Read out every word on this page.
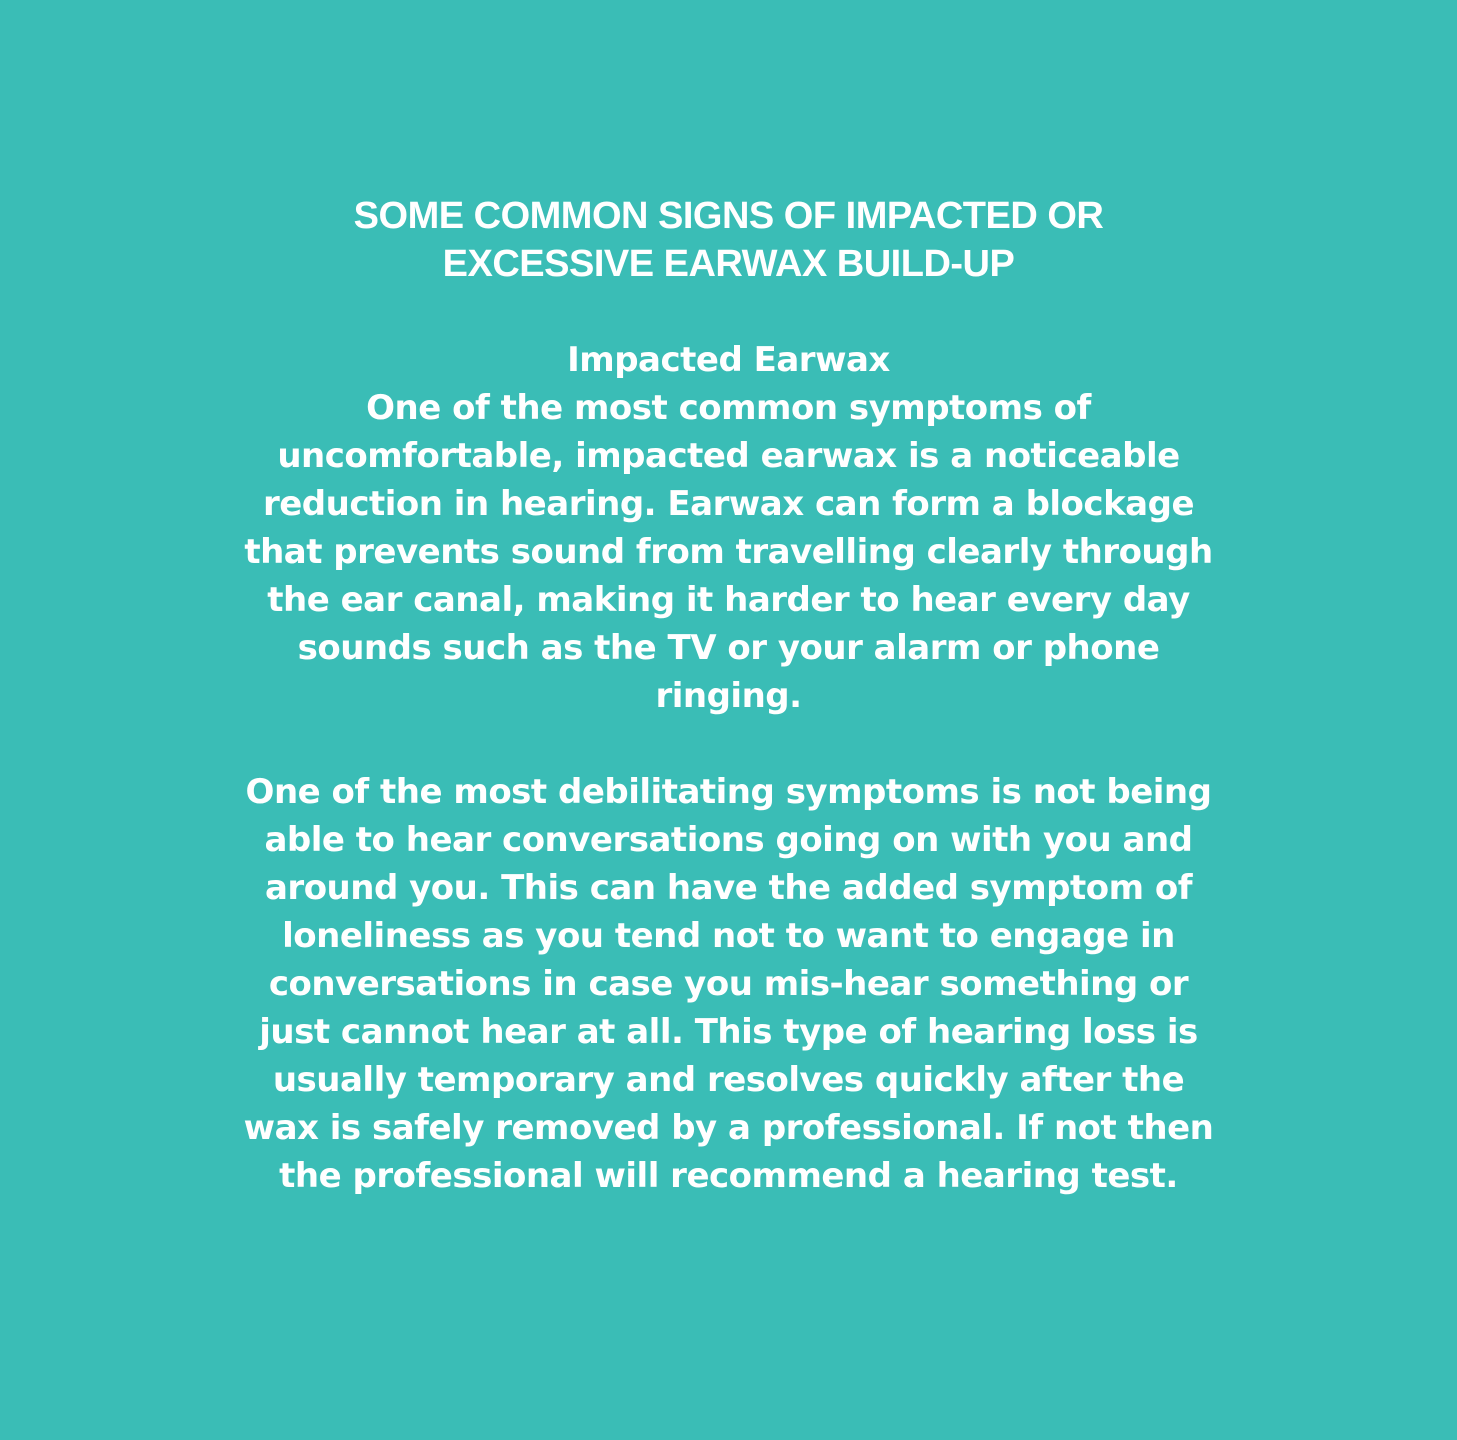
SOME COMMON SIGNS OF IMPACTED OR
EXCESSIVE EARWAX BUILD-UP
Impacted Earwax

One of the most common symptoms of
uncomfortable, impacted earwax is a noticeable
reduction in hearing. Earwax can form a blockage
that prevents sound from travelling clearly through
the ear canal, making it harder to hear every day
sounds such as the TV or your alarm or phone
ringing.

One of the most debilitating symptoms is not being
able to hear conversations going on with you and
around you. This can have the added symptom of
loneliness as you tend not to want to engage in
conversations in case you mis-hear something or
just cannot hear at all. This type of hearing loss is
usually temporary and resolves quickly after the
wax is safely removed by a professional. If not then
the professional will recommend a hearing test.
